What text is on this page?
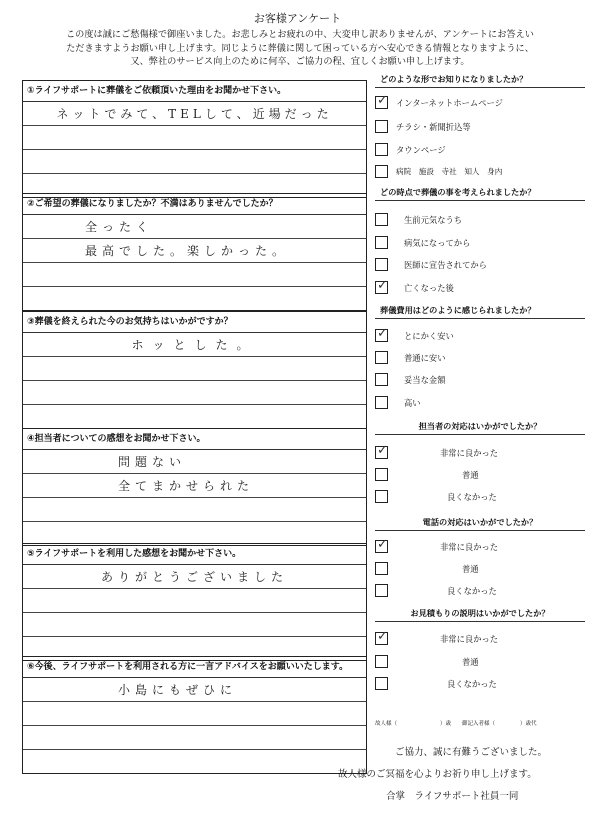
お客様アンケート
この度は誠にご愁傷様で御座いました。お悲しみとお疲れの中、大変申し訳ありませんが、アンケートにお答えい
ただきますようお願い申し上げます。同じように葬儀に関して困っている方へ安心できる情報となりますように、
又、弊社のサービス向上のために何卒、ご協力の程、宜しくお願い申し上げます。
①ライフサポートに葬儀をご依頼頂いた理由をお聞かせ下さい。
ネットでみて、TELして、近場だった
②ご希望の葬儀になりましたか？不満はありませんでしたか？
全ったく
最高でした。楽しかった。
③葬儀を終えられた今のお気持ちはいかがですか？
ホッとした。
④担当者についての感想をお聞かせ下さい。
問題ない
全てまかせられた
⑤ライフサポートを利用した感想をお聞かせ下さい。
ありがとうございました
⑥今後、ライフサポートを利用される方に一言アドバイスをお願いいたします。
小島にもぜひに
どのような形でお知りになりましたか？
✓ インターネットホームページ
チラシ・新聞折込等
タウンページ
病院　施設　寺社　知人　身内
どの時点で葬儀の事を考えられましたか？
生前元気なうち
病気になってから
医師に宣告されてから
✓ 亡くなった後
葬儀費用はどのように感じられましたか？
✓ とにかく安い
普通に安い
妥当な金額
高い
担当者の対応はいかがでしたか？
✓	非常に良かった
普通
良くなかった
電話の対応はいかがでしたか？
✓	非常に良かった
普通
良くなかった
お見積もりの説明はいかがでしたか？
✓	非常に良かった
普通
良くなかった
故人様（	）歳 御記入者様（	）歳代
ご協力、誠に有難うございました。
故人様のご冥福を心よりお祈り申し上げます。
合掌　ライフサポート社員一同
